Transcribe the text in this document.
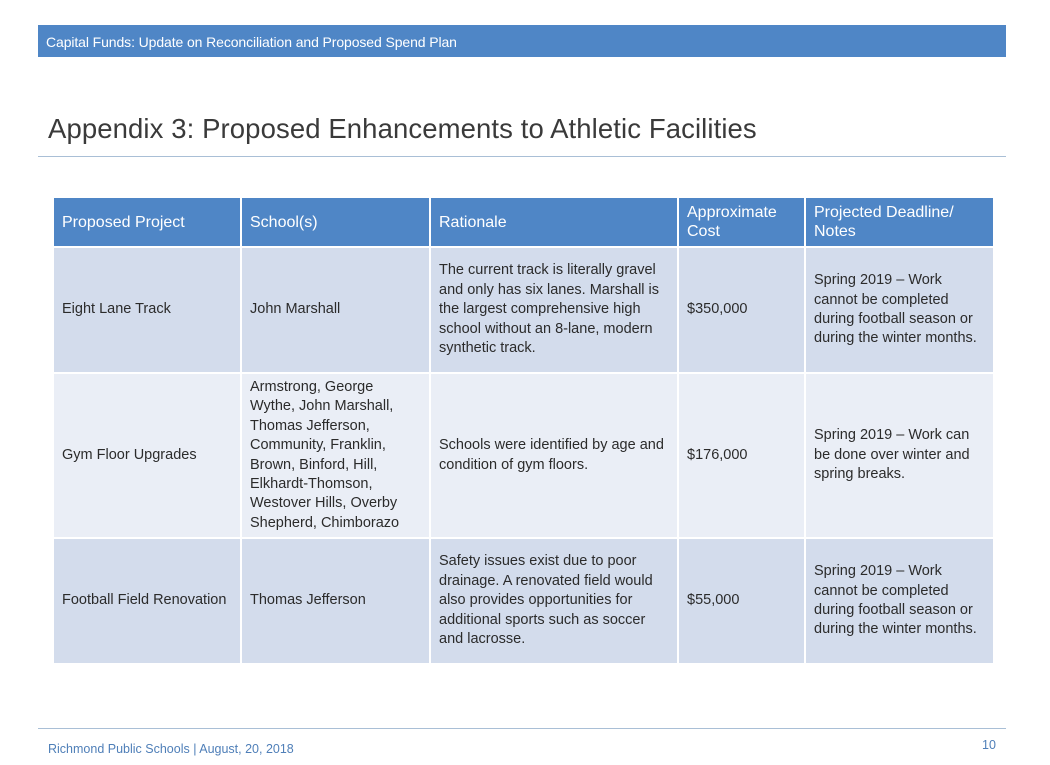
Capital Funds: Update on Reconciliation and Proposed Spend Plan
Appendix 3: Proposed Enhancements to Athletic Facilities
Proposed Project	School(s)	Rationale	Approximate Cost	Projected Deadline/ Notes
Eight Lane Track	John Marshall	The current track is literally gravel and only has six lanes. Marshall is the largest comprehensive high school without an 8-lane, modern synthetic track.	$350,000	Spring 2019 – Work cannot be completed during football season or during the winter months.
Gym Floor Upgrades	Armstrong, George Wythe, John Marshall, Thomas Jefferson, Community, Franklin, Brown, Binford, Hill, Elkhardt-Thomson, Westover Hills, Overby Shepherd, Chimborazo	Schools were identified by age and condition of gym floors.	$176,000	Spring 2019 – Work can be done over winter and spring breaks.
Football Field Renovation	Thomas Jefferson	Safety issues exist due to poor drainage. A renovated field would also provides opportunities for additional sports such as soccer and lacrosse.	$55,000	Spring 2019 – Work cannot be completed during football season or during the winter months.
Richmond Public Schools | August, 20, 2018	10
